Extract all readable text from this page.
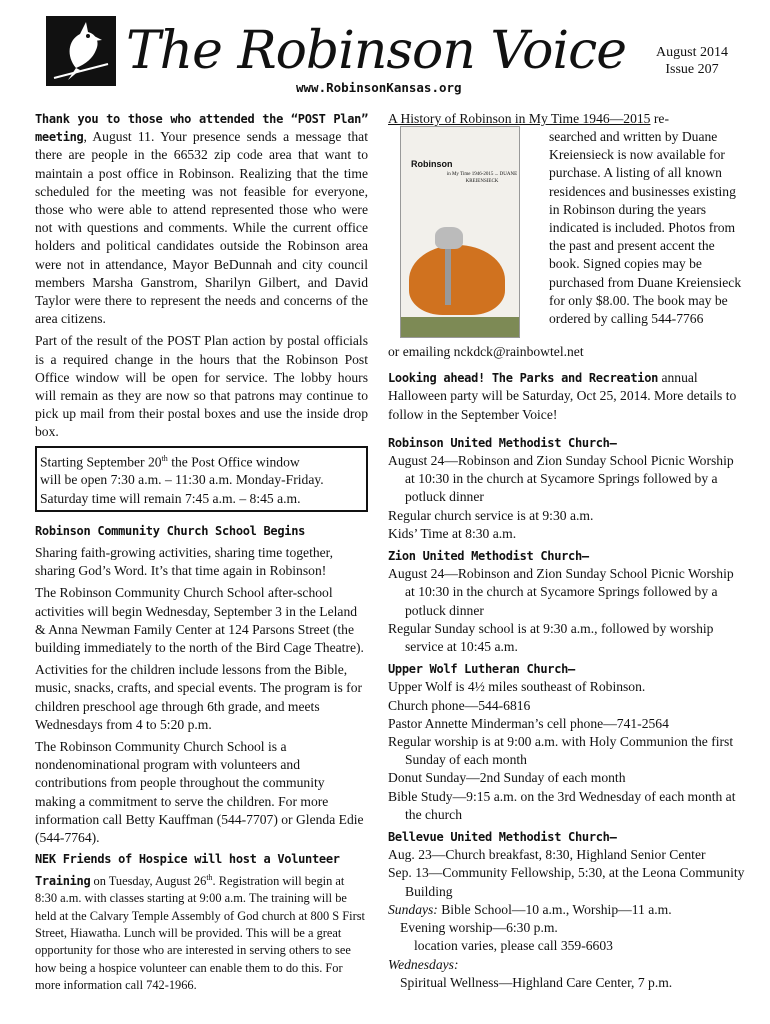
The Robinson Voice
www.RobinsonKansas.org
August 2014
Issue 207

Thank you to those who attended the “POST Plan” meeting, August 11. Your presence sends a message that there are people in the 66532 zip code area that want to maintain a post office in Robinson. Realizing that the time scheduled for the meeting was not feasible for everyone, those who were able to attend represented those who were not with questions and comments. While the current office holders and political candidates outside the Robinson area were not in attendance, Mayor BeDunnah and city council members Marsha Ganstrom, Sharilyn Gilbert, and David Taylor were there to represent the needs and concerns of the area citizens.

Part of the result of the POST Plan action by postal officials is a required change in the hours that the Robinson Post Office window will be open for service. The lobby hours will remain as they are now so that patrons may continue to pick up mail from their postal boxes and use the inside drop box.

Starting September 20th the Post Office window
will be open 7:30 a.m. – 11:30 a.m. Monday-Friday.
Saturday time will remain 7:45 a.m. – 8:45 a.m.
Robinson Community Church School Begins

Sharing faith-growing activities, sharing time together, sharing God’s Word. It’s that time again in Robinson!

The Robinson Community Church School after-school activities will begin Wednesday, September 3 in the Leland & Anna Newman Family Center at 124 Parsons Street (the building immediately to the north of the Bird Cage Theatre).

Activities for the children include lessons from the Bible, music, snacks, crafts, and special events. The program is for children preschool age through 6th grade, and meets Wednesdays from 4 to 5:20 p.m.

The Robinson Community Church School is a nondenominational program with volunteers and contributions from people throughout the community making a commitment to serve the children. For more information call Betty Kauffman (544-7707) or Glenda Edie (544-7764).

NEK Friends of Hospice will host a Volunteer Training on Tuesday, August 26th. Registration will begin at 8:30 a.m. with classes starting at 9:00 a.m. The training will be held at the Calvary Temple Assembly of God church at 800 S First Street, Hiawatha. Lunch will be provided. This will be a great opportunity for those who are interested in serving others to see how being a hospice volunteer can enable them to do this. For more information call 742-1966.

A History of Robinson in My Time 1946—2015 re-
Robinson
in My Time 1946-2015 ... DUANE KREIENSIECK
searched and written by Duane Kreiensieck is now available for purchase. A listing of all known residences and businesses existing in Robinson during the years indicated is included. Photos from the past and present accent the book. Signed copies may be purchased from Duane Kreiensieck for only $8.00. The book may be ordered by calling 544-7766

or emailing nckdck@rainbowtel.net

Looking ahead! The Parks and Recreation annual Halloween party will be Saturday, Oct 25, 2014. More details to follow in the September Voice!

Robinson United Methodist Church—
August 24—Robinson and Zion Sunday School Picnic Worship at 10:30 in the church at Sycamore Springs followed by a potluck dinner
Regular church service is at 9:30 a.m.
Kids’ Time at 8:30 a.m.
Zion United Methodist Church—
August 24—Robinson and Zion Sunday School Picnic Worship at 10:30 in the church at Sycamore Springs followed by a potluck dinner
Regular Sunday school is at 9:30 a.m., followed by worship service at 10:45 a.m.
Upper Wolf Lutheran Church—
Upper Wolf is 4½ miles southeast of Robinson.
Church phone—544-6816
Pastor Annette Minderman’s cell phone—741-2564
Regular worship is at 9:00 a.m. with Holy Communion the first Sunday of each month
Donut Sunday—2nd Sunday of each month
Bible Study—9:15 a.m. on the 3rd Wednesday of each month at the church
Bellevue United Methodist Church—
Aug. 23—Church breakfast, 8:30, Highland Senior Center
Sep. 13—Community Fellowship, 5:30, at the Leona Community Building
Sundays: Bible School—10 a.m., Worship—11 a.m.
Evening worship—6:30 p.m.
location varies, please call 359-6603
Wednesdays:
Spiritual Wellness—Highland Care Center, 7 p.m.
